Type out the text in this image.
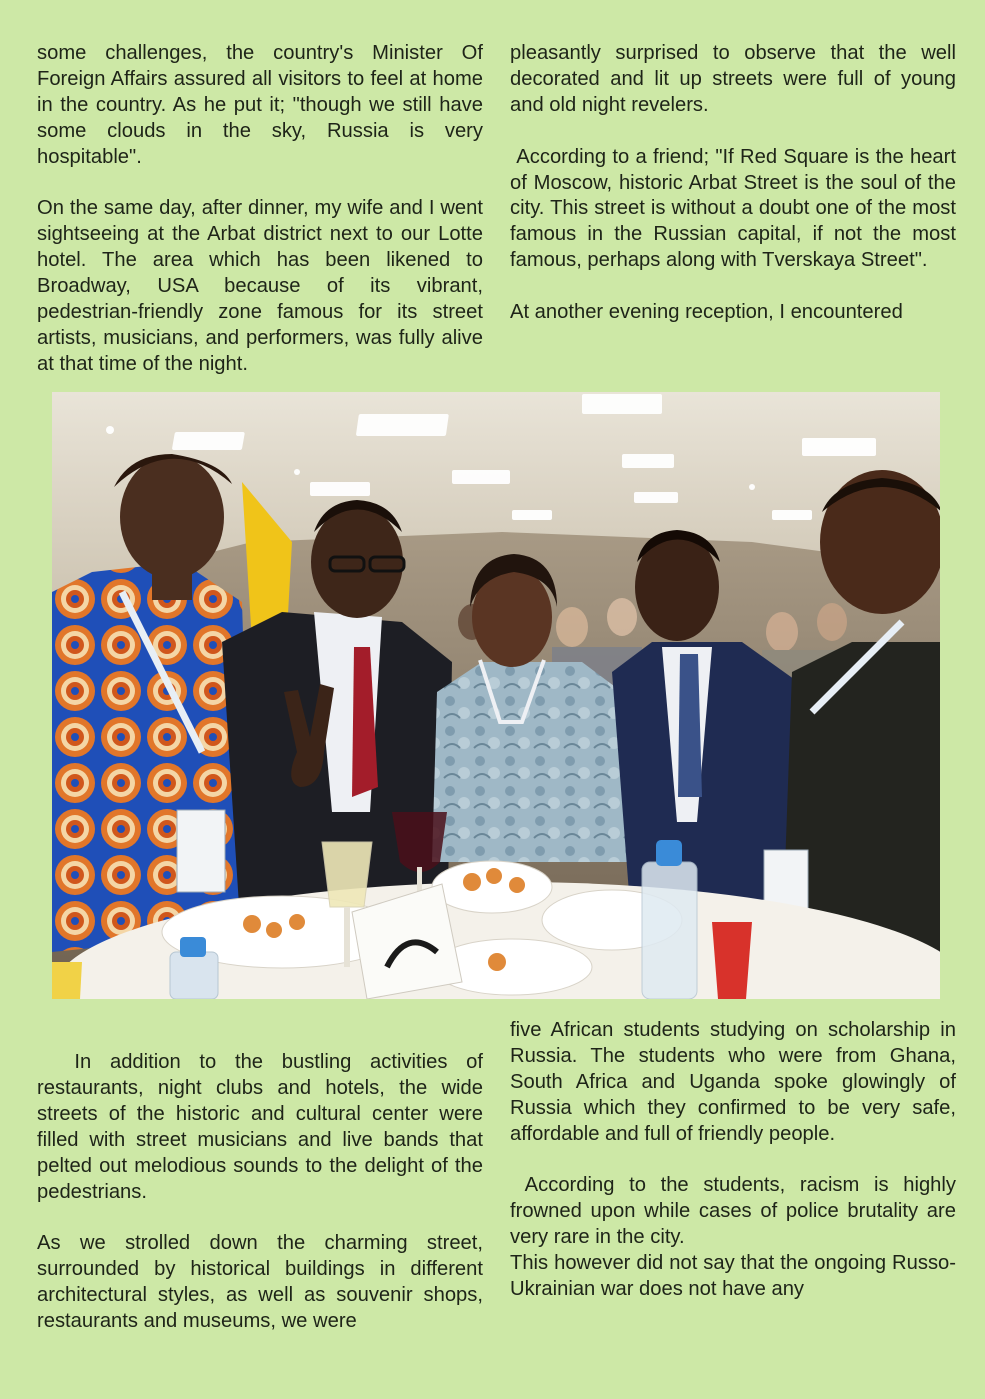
some challenges, the country's Minister Of Foreign Affairs assured all visitors to feel at home in the country. As he put it; "though we still have some clouds in the sky, Russia is very hospitable".

On the same day, after dinner, my wife and I went sightseeing at the Arbat district next to our Lotte hotel. The area which has been likened to Broadway, USA because of its vibrant, pedestrian-friendly zone famous for its street artists, musicians, and performers, was fully alive at that time of the night.

pleasantly surprised to observe that the well decorated and lit up streets were full of young and old night revelers.

According to a friend; "If Red Square is the heart of Moscow, historic Arbat Street is the soul of the city. This street is without a doubt one of the most famous in the Russian capital, if not the most famous, perhaps along with Tverskaya Street".

At another evening reception, I encountered

In addition to the bustling activities of restaurants, night clubs and hotels, the wide streets of the historic and cultural center were filled with street musicians and live bands that pelted out melodious sounds to the delight of the pedestrians.

As we strolled down the charming street, surrounded by historical buildings in different architectural styles, as well as souvenir shops, restaurants and museums, we were

five African students studying on scholarship in Russia. The students who were from Ghana, South Africa and Uganda spoke glowingly of Russia which they confirmed to be very safe, affordable and full of friendly people.

According to the students, racism is highly frowned upon while cases of police brutality are very rare in the city.

This however did not say that the ongoing Russo-Ukrainian war does not have any
